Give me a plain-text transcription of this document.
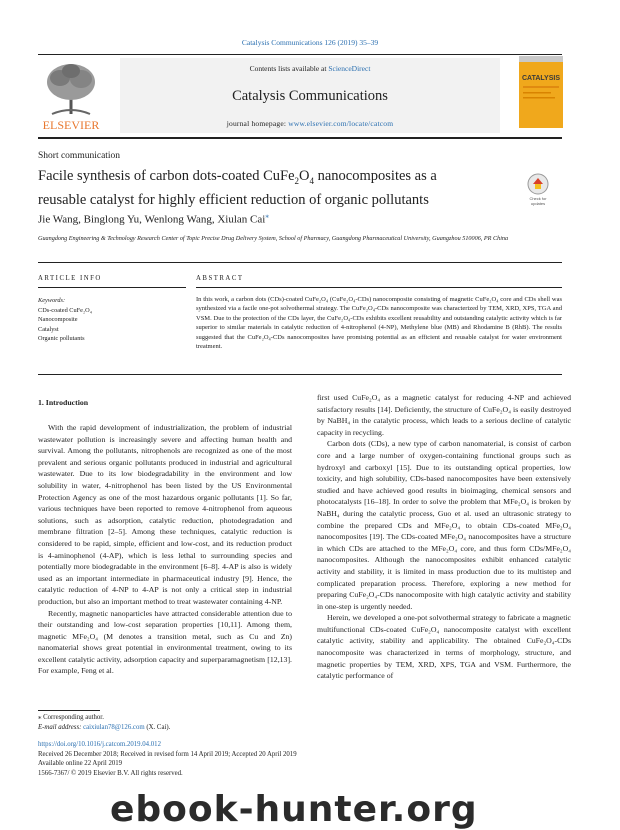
Catalysis Communications 126 (2019) 35–39
ELSEVIER
Contents lists available at ScienceDirect
Catalysis Communications
journal homepage: www.elsevier.com/locate/catcom
CATALYSIS
Short communication
Facile synthesis of carbon dots-coated $CuFe_2O_4$ nanocomposites as a reusable catalyst for highly efficient reduction of organic pollutants	Check for updates
Jie Wang, Binglong Yu, Wenlong Wang, Xiulan Cai⁎
Guangdong Engineering & Technology Research Center of Topic Precise Drug Delivery System, School of Pharmacy, Guangdong Pharmaceutical University, Guangzhou 510006, PR China
ARTICLE INFO	ABSTRACT
Keywords:
CDs-coated CuFe₂O₄
Nanocomposite
Catalyst
Organic pollutants
In this work, a carbon dots (CDs)-coated CuFe₂O₄ (CuFe₂O₄-CDs) nanocomposite consisting of magnetic CuFe₂O₄ core and CDs shell was synthesized via a facile one-pot solvothermal strategy. The CuFe₂O₄-CDs nanocomposite was characterized by TEM, XRD, XPS, TGA and VSM. Due to the protection of the CDs layer, the CuFe₂O₄-CDs exhibits excellent reusability and outstanding catalytic activity which is far superior to similar materials in catalytic reduction of 4-nitrophenol (4-NP), Methylene blue (MB) and Rhodamine B (RhB). The results suggested that the CuFe₂O₄-CDs nanocomposites have promising potential as an efficient and reusable catalyst for water environment treatment.
1. Introduction

With the rapid development of industrialization, the problem of industrial wastewater pollution is increasingly severe and affecting human health and survival. Among the pollutants, nitrophenols are recognized as one of the most prevalent and serious organic pollutants produced in industrial and agricultural wastewater. Due to its low biodegradability in the environment and low solubility in water, 4-nitrophenol has been listed by the US Environmental Protection Agency as one of the most hazardous organic pollutants [1]. So far, various techniques have been reported to remove 4-nitrophenol from aqueous solutions, such as adsorption, catalytic reduction, photodegradation and membrane filtration [2–5]. Among these techniques, catalytic reduction is considered to be rapid, simple, efficient and low-cost, and its reduction product is 4-aminophenol (4-AP), which is less lethal to surrounding species and potentially more biodegradable in the environment [6–8]. 4-AP is also is widely used as an important intermediate in pharmaceutical industry [9]. Hence, the catalytic reduction of 4-NP to 4-AP is not only a critical step in industrial production, but also an important method to treat wastewater containing 4-NP.

Recently, magnetic nanoparticles have attracted considerable attention due to their outstanding and low-cost separation properties [10,11]. Among them, magnetic MFe₂O₄ (M denotes a transition metal, such as Cu and Zn) nanomaterial shows great potential in environmental treatment, owing to its excellent catalytic activity, adsorption capacity and superparamagnetism [12,13]. For example, Feng et al.

first used CuFe₂O₄ as a magnetic catalyst for reducing 4-NP and achieved satisfactory results [14]. Deficiently, the structure of CuFe₂O₄ is easily destroyed by NaBH₄ in the catalytic process, which leads to a serious decline of catalytic capacity in recycling.

Carbon dots (CDs), a new type of carbon nanomaterial, is consist of carbon core and a large number of oxygen-containing functional groups such as hydroxyl and carboxyl [15]. Due to its outstanding optical properties, low toxicity, and high solubility, CDs-based nanocomposites have been extensively studied and have achieved good results in bioimaging, chemical sensors and photocatalysts [16–18]. In order to solve the problem that MFe₂O₄ is broken by NaBH₄ during the catalytic process, Guo et al. used an ultrasonic strategy to combine the prepared CDs and MFe₂O₄ to obtain CDs-coated MFe₂O₄ nanocomposites [19]. The CDs-coated MFe₂O₄ nanocomposites have a structure in which CDs are attached to the MFe₂O₄ core, and thus form CDs/MFe₂O₄ nanocomposites. Although the nanocomposites exhibit enhanced catalytic activity and stability, it is limited in mass production due to its multistep and complicated preparation process. Therefore, exploring a new method for preparing CuFe₂O₄-CDs nanocomposite with high catalytic activity and stability in one-step is urgently needed.

Herein, we developed a one-pot solvothermal strategy to fabricate a magnetic multifunctional CDs-coated CuFe₂O₄ nanocomposite catalyst with excellent catalytic activity, stability and applicability. The obtained CuFe₂O₄-CDs nanocomposite was characterized in terms of morphology, structure, and magnetic properties by TEM, XRD, XPS, TGA and VSM. Furthermore, the catalytic performance of

⁎ Corresponding author.
E-mail address: caixiulan78@126.com (X. Cai).
https://doi.org/10.1016/j.catcom.2019.04.012
Received 26 December 2018; Received in revised form 14 April 2019; Accepted 20 April 2019
Available online 22 April 2019
1566-7367/ © 2019 Elsevier B.V. All rights reserved.
ebook-hunter.org
